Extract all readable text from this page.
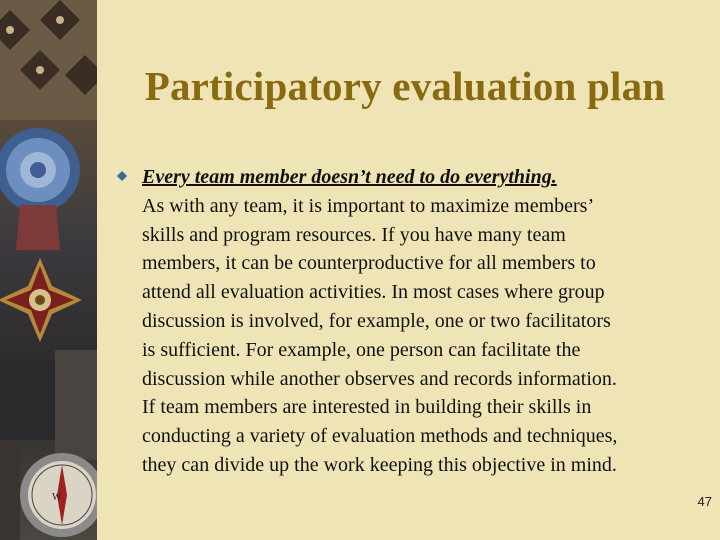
W
Participatory evaluation plan
Every team member doesn’t need to do everything.
As with any team, it is important to maximize members’
skills and program resources. If you have many team
members, it can be counterproductive for all members to
attend all evaluation activities. In most cases where group
discussion is involved, for example, one or two facilitators
is sufficient. For example, one person can facilitate the
discussion while another observes and records information.
If team members are interested in building their skills in
conducting a variety of evaluation methods and techniques,
they can divide up the work keeping this objective in mind.
47
